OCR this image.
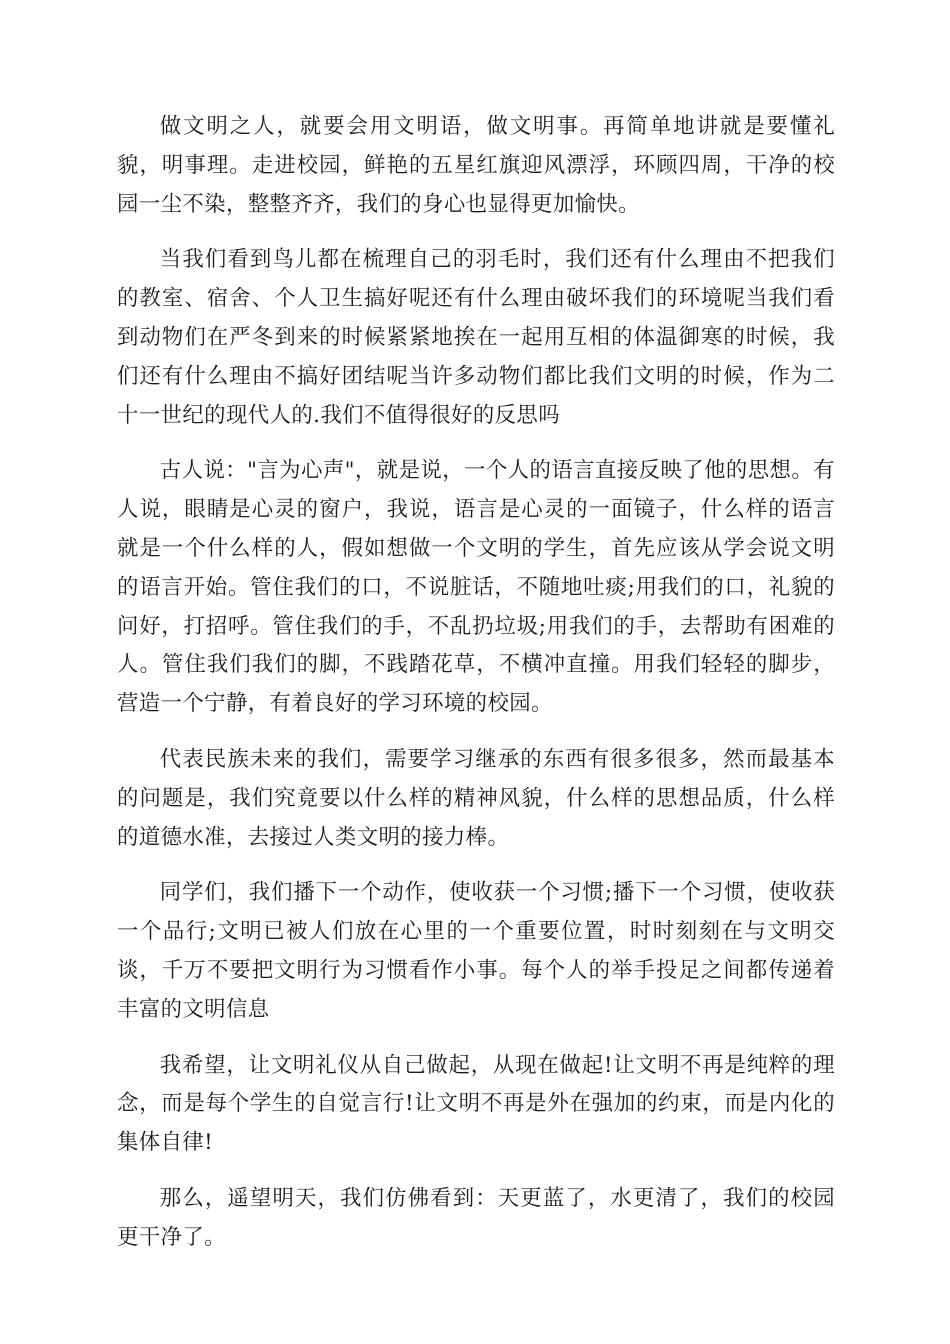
做文明之人，就要会用文明语，做文明事。再简单地讲就是要懂礼貌，明事理。走进校园，鲜艳的五星红旗迎风漂浮，环顾四周，干净的校园一尘不染，整整齐齐，我们的身心也显得更加愉快。

当我们看到鸟儿都在梳理自己的羽毛时，我们还有什么理由不把我们的教室、宿舍、个人卫生搞好呢还有什么理由破坏我们的环境呢当我们看到动物们在严冬到来的时候紧紧地挨在一起用互相的体温御寒的时候，我们还有什么理由不搞好团结呢当许多动物们都比我们文明的时候，作为二十一世纪的现代人的.我们不值得很好的反思吗

古人说："言为心声"，就是说，一个人的语言直接反映了他的思想。有人说，眼睛是心灵的窗户，我说，语言是心灵的一面镜子，什么样的语言就是一个什么样的人，假如想做一个文明的学生，首先应该从学会说文明的语言开始。管住我们的口，不说脏话，不随地吐痰;用我们的口，礼貌的问好，打招呼。管住我们的手，不乱扔垃圾;用我们的手，去帮助有困难的人。管住我们我们的脚，不践踏花草，不横冲直撞。用我们轻轻的脚步，营造一个宁静，有着良好的学习环境的校园。

代表民族未来的我们，需要学习继承的东西有很多很多，然而最基本的问题是，我们究竟要以什么样的精神风貌，什么样的思想品质，什么样的道德水准，去接过人类文明的接力棒。

同学们，我们播下一个动作，使收获一个习惯;播下一个习惯，使收获一个品行;文明已被人们放在心里的一个重要位置，时时刻刻在与文明交谈，千万不要把文明行为习惯看作小事。每个人的举手投足之间都传递着丰富的文明信息

我希望，让文明礼仪从自己做起，从现在做起!让文明不再是纯粹的理念，而是每个学生的自觉言行!让文明不再是外在强加的约束，而是内化的集体自律!

那么，遥望明天，我们仿佛看到：天更蓝了，水更清了，我们的校园更干净了。
